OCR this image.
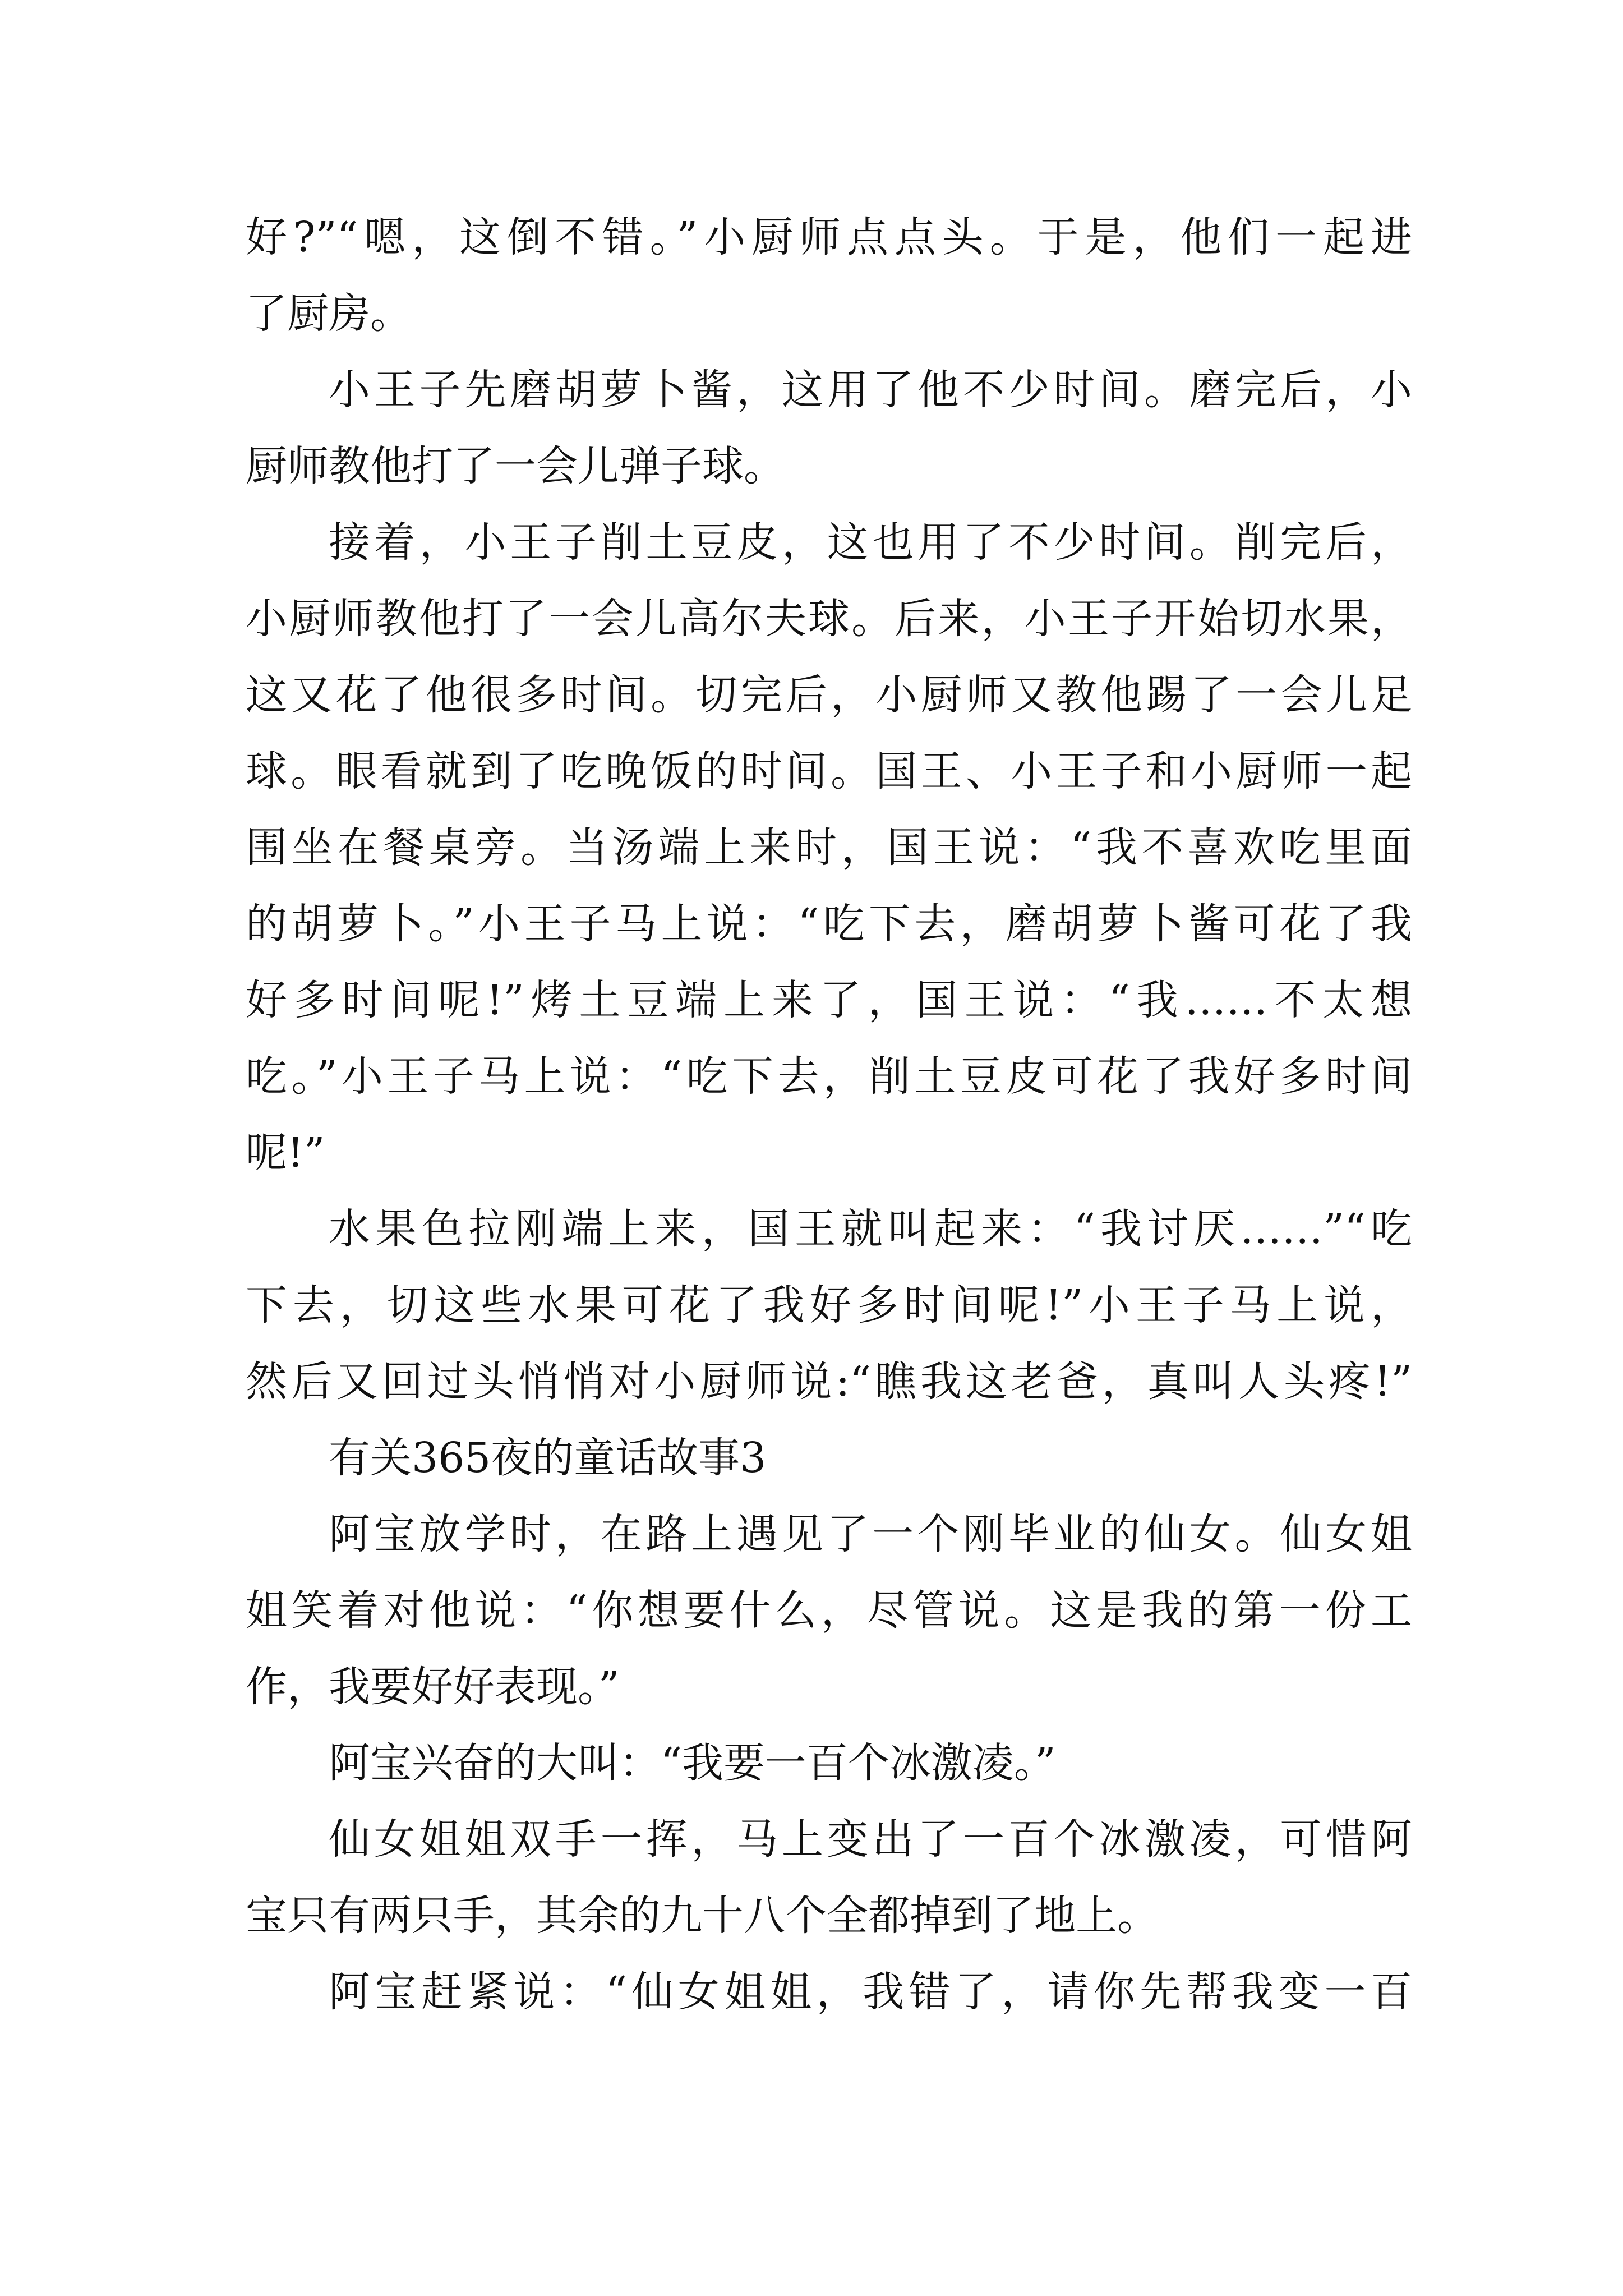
好?”“嗯，这倒不错。”小厨师点点头。于是，他们一起进
了厨房。
小王子先磨胡萝卜酱，这用了他不少时间。磨完后，小
厨师教他打了一会儿弹子球。
接着，小王子削土豆皮，这也用了不少时间。削完后，
小厨师教他打了一会儿高尔夫球。后来，小王子开始切水果，
这又花了他很多时间。切完后，小厨师又教他踢了一会儿足
球。眼看就到了吃晚饭的时间。国王、小王子和小厨师一起
围坐在餐桌旁。当汤端上来时，国王说：“我不喜欢吃里面
的胡萝卜。”小王子马上说：“吃下去，磨胡萝卜酱可花了我
好多时间呢!”烤土豆端上来了，国王说：“我……不太想
吃。”小王子马上说：“吃下去，削土豆皮可花了我好多时间
呢!”
水果色拉刚端上来，国王就叫起来：“我讨厌……”“吃
下去，切这些水果可花了我好多时间呢!”小王子马上说，
然后又回过头悄悄对小厨师说:“瞧我这老爸，真叫人头疼!”
有关365夜的童话故事3
阿宝放学时，在路上遇见了一个刚毕业的仙女。仙女姐
姐笑着对他说：“你想要什么，尽管说。这是我的第一份工
作，我要好好表现。”
阿宝兴奋的大叫：“我要一百个冰激凌。”
仙女姐姐双手一挥，马上变出了一百个冰激凌，可惜阿
宝只有两只手，其余的九十八个全都掉到了地上。
阿宝赶紧说：“仙女姐姐，我错了，请你先帮我变一百
